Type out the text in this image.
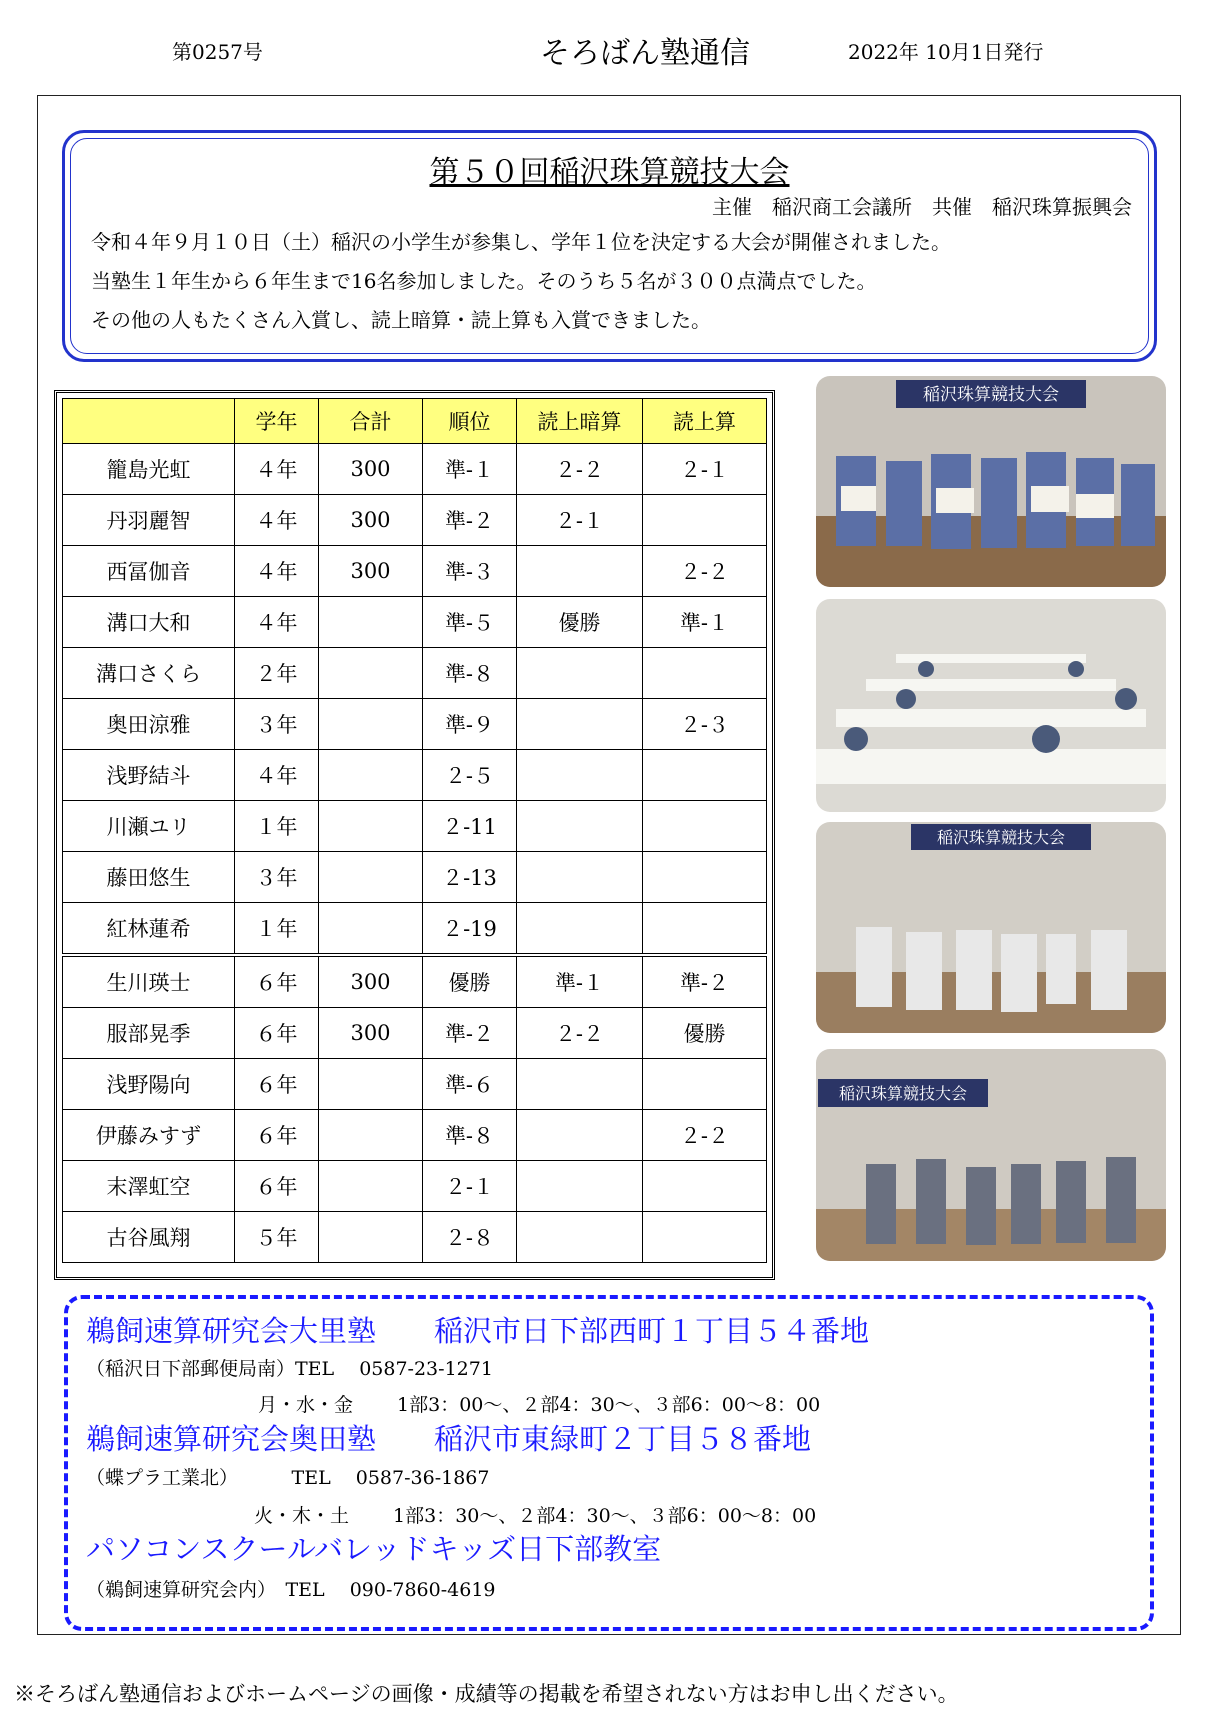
第0257号	そろばん塾通信	2022年 10月1日発行
第５０回稲沢珠算競技大会
主催　稲沢商工会議所　共催　稲沢珠算振興会
令和４年９月１０日（土）稲沢の小学生が参集し、学年１位を決定する大会が開催されました。
当塾生１年生から６年生まで16名参加しました。そのうち５名が３００点満点でした。
その他の人もたくさん入賞し、読上暗算・読上算も入賞できました。
	学年	合計	順位	読上暗算	読上算
籠島光虹	４年	300	準-１	２-２	２-１
丹羽麗智	４年	300	準-２	２-１	
西冨伽音	４年	300	準-３		２-２
溝口大和	４年		準-５	優勝	準-１
溝口さくら	２年		準-８		
奥田涼雅	３年		準-９		２-３
浅野結斗	４年		２-５		
川瀬ユリ	１年		２-11		
藤田悠生	３年		２-13		
紅林蓮希	１年		２-19		
生川瑛士	６年	300	優勝	準-１	準-２
服部晃季	６年	300	準-２	２-２	優勝
浅野陽向	６年		準-６		
伊藤みすず	６年		準-８		２-２
末澤虹空	６年		２-１		
古谷風翔	５年		２-８		
稲沢珠算競技大会
稲沢珠算競技大会
稲沢珠算競技大会
鵜飼速算研究会大里塾　　稲沢市日下部西町１丁目５４番地
（稲沢日下部郵便局南）TEL　 0587-23-1271
月・水・金　　 1部3：00～、２部4：30～、３部6：00～8：00
鵜飼速算研究会奥田塾　　稲沢市東緑町２丁目５８番地
（蝶プラ工業北）　　　 TEL　 0587-36-1867
火・木・土　　 1部3：30～、２部4：30～、３部6：00～8：00
パソコンスクールバレッドキッズ日下部教室
（鵜飼速算研究会内）　TEL　 090-7860-4619
※そろばん塾通信およびホームページの画像・成績等の掲載を希望されない方はお申し出ください。
